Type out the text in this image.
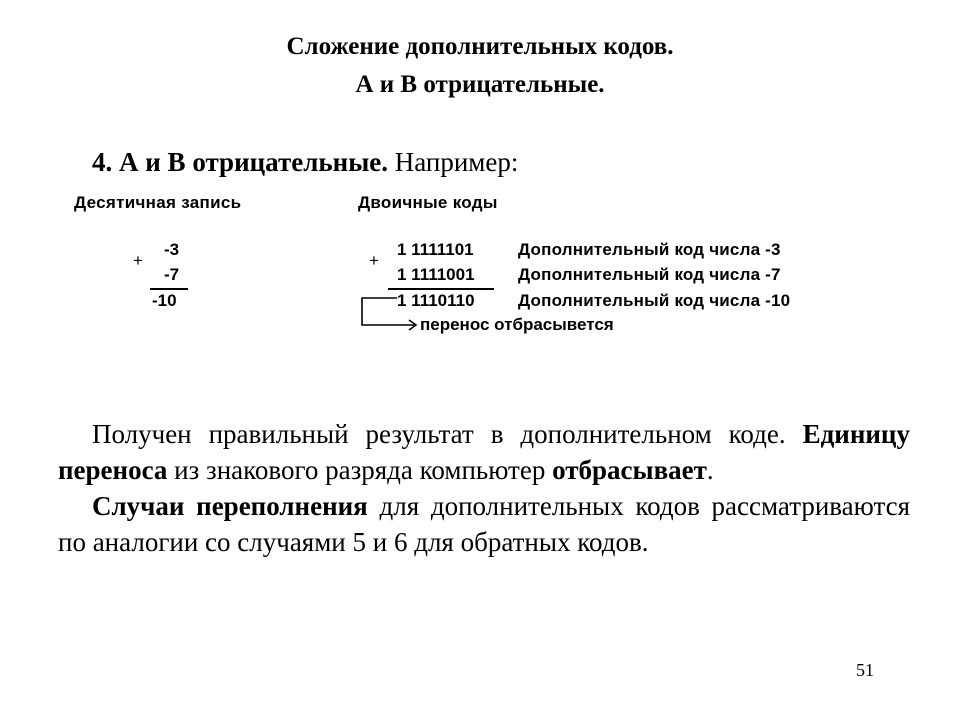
Сложение дополнительных кодов.
А и В отрицательные.
4. А и В отрицательные. Например:
Десятичная запись	Двоичные коды
+
-3
-7
-10
+
1 1111101
1 1111001
1 1110110
Дополнительный код числа -3
Дополнительный код числа -7
Дополнительный код числа -10
перенос отбрасывется

Получен правильный результат в дополнительном коде. Единицу переноса из знакового разряда компьютер отбрасывает.

Случаи переполнения для дополнительных кодов рассматриваются по аналогии со случаями 5 и 6 для обратных кодов.

51
